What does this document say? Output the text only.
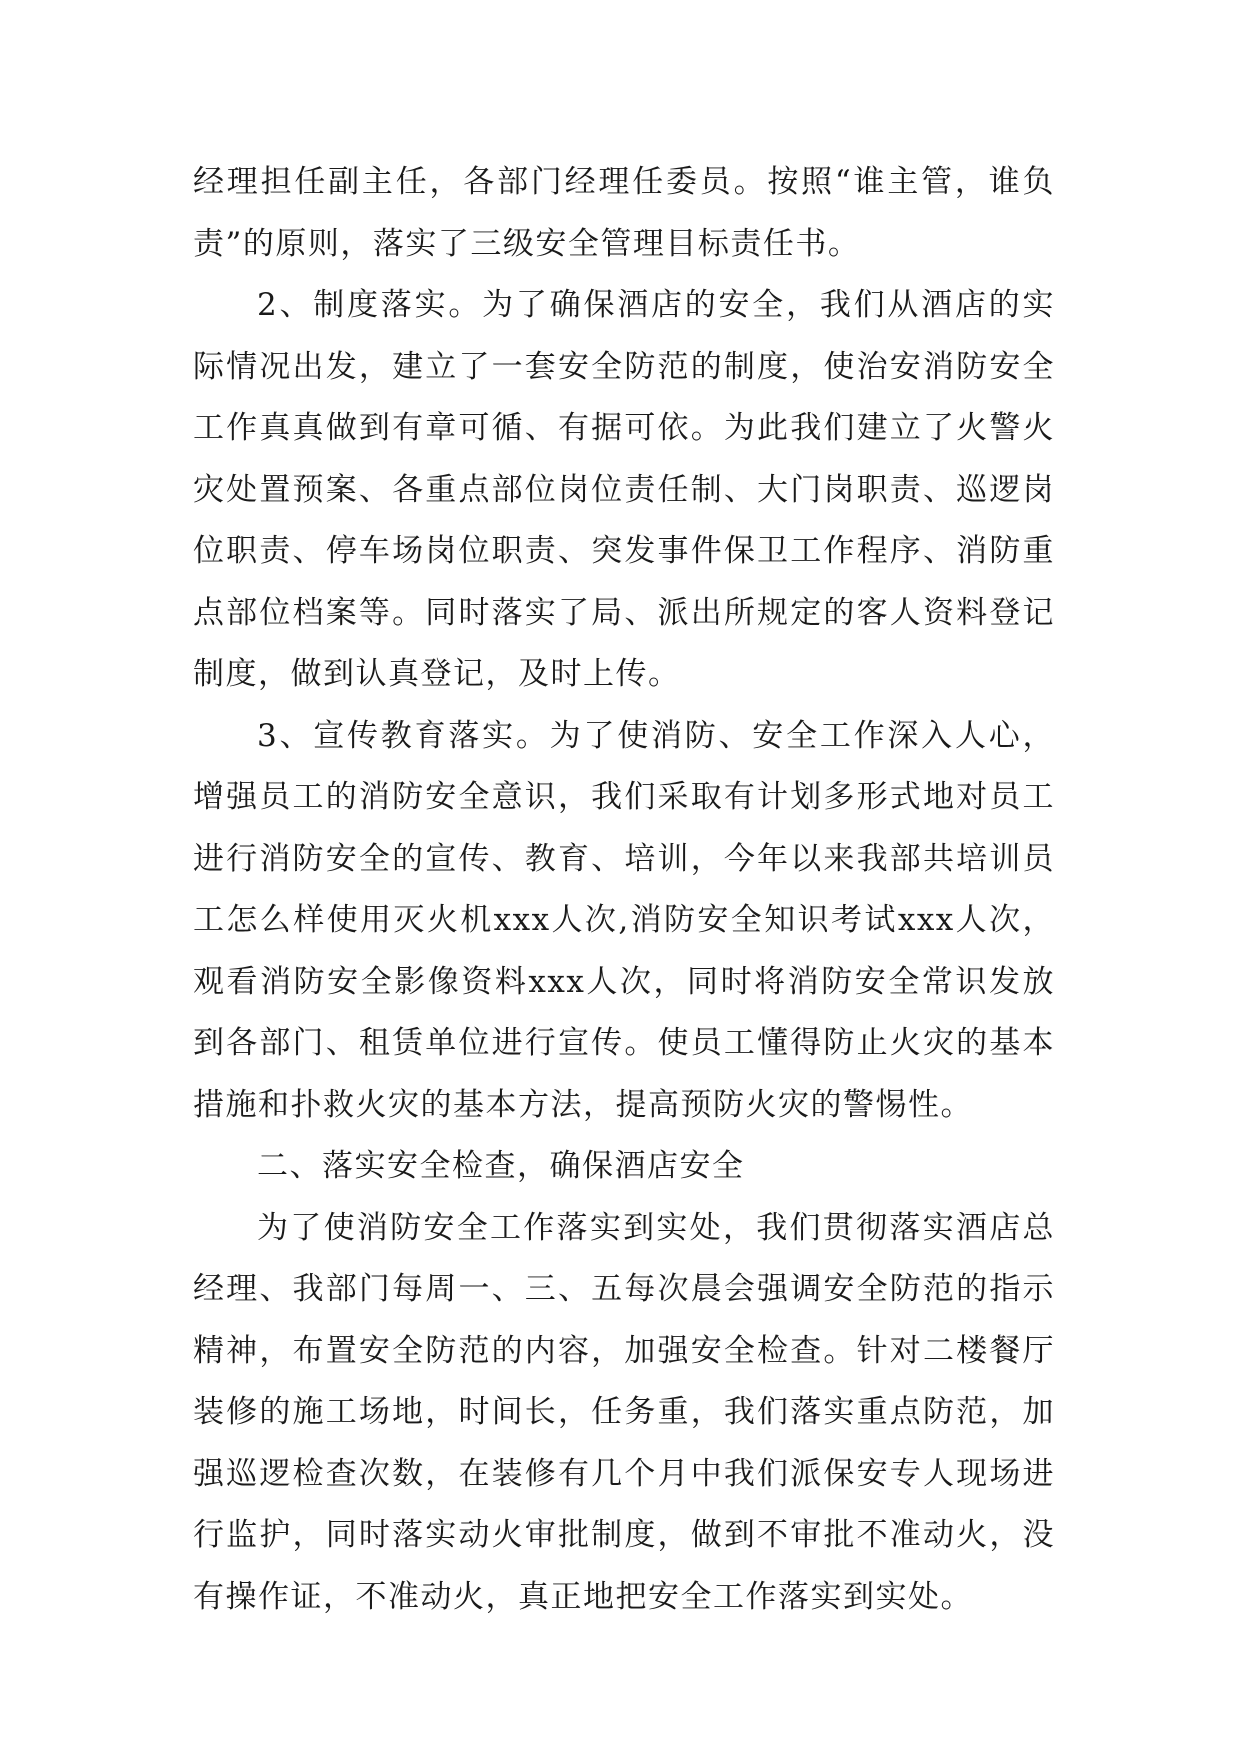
经理担任副主任，各部门经理任委员。按照“谁主管，谁负责”的原则，落实了三级安全管理目标责任书。

2、制度落实。为了确保酒店的安全，我们从酒店的实际情况出发，建立了一套安全防范的制度，使治安消防安全工作真真做到有章可循、有据可依。为此我们建立了火警火灾处置预案、各重点部位岗位责任制、大门岗职责、巡逻岗位职责、停车场岗位职责、突发事件保卫工作程序、消防重点部位档案等。同时落实了局、派出所规定的客人资料登记制度，做到认真登记，及时上传。

3、宣传教育落实。为了使消防、安全工作深入人心，增强员工的消防安全意识，我们采取有计划多形式地对员工进行消防安全的宣传、教育、培训，今年以来我部共培训员工怎么样使用灭火机xxx人次,消防安全知识考试xxx人次，观看消防安全影像资料xxx人次，同时将消防安全常识发放到各部门、租赁单位进行宣传。使员工懂得防止火灾的基本措施和扑救火灾的基本方法，提高预防火灾的警惕性。

二、落实安全检查，确保酒店安全

为了使消防安全工作落实到实处，我们贯彻落实酒店总经理、我部门每周一、三、五每次晨会强调安全防范的指示精神，布置安全防范的内容，加强安全检查。针对二楼餐厅装修的施工场地，时间长，任务重，我们落实重点防范，加强巡逻检查次数，在装修有几个月中我们派保安专人现场进行监护，同时落实动火审批制度，做到不审批不准动火，没有操作证，不准动火，真正地把安全工作落实到实处。
